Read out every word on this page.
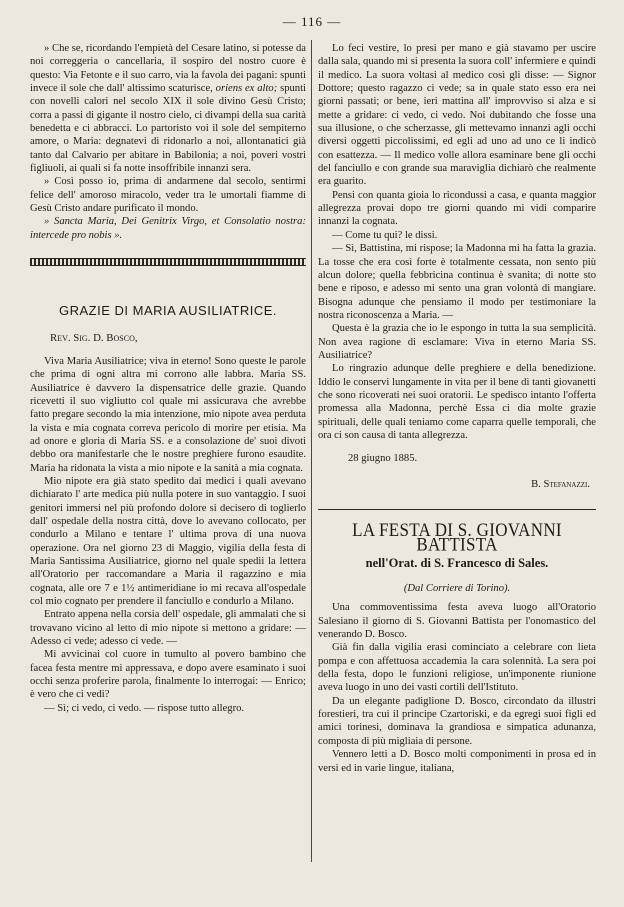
— 116 —

» Che se, ricordando l'empietà del Cesare latino, si potesse da noi correggeria o cancellaria, il sospiro del nostro cuore è questo: Via Fetonte e il suo carro, via la favola dei pagani: spunti invece il sole che dall' altissimo scaturisce, oriens ex alto; spunti con novelli calori nel secolo XIX il sole divino Gesù Cristo; corra a passi di gigante il nostro cielo, ci divampi della sua carità benedetta e ci abbracci. Lo partoristo voi il sole del sempiterno amore, o Maria: degnatevi di ridonarlo a noi, allontanatici già tanto dal Calvario per abitare in Babilonia; a noi, poveri vostri figliuoli, ai quali si fa notte insoffribile innanzi sera.

» Così posso io, prima di andarmene dal secolo, sentirmi felice dell' amoroso miracolo, veder tra le umortali fiamme di Gesù Cristo andare purificato il mondo.

» Sancta Maria, Dei Genitrix Virgo, et Consolatio nostra: intercede pro nobis ».

GRAZIE DI MARIA AUSILIATRICE.
Rev. Sig. D. Bosco,

Viva Maria Ausiliatrice; viva in eterno! Sono queste le parole che prima di ogni altra mi corrono alle labbra. Maria SS. Ausiliatrice è davvero la dispensatrice delle grazie. Quando ricevetti il suo vigliutto col quale mi assicurava che avrebbe fatto pregare secondo la mia intenzione, mio nipote avea perduta la vista e mia cognata correva pericolo di morire per etisia. Ma ad onore e gloria di Maria SS. e a consolazione de' suoi divoti debbo ora manifestarle che le nostre preghiere furono esaudite. Maria ha ridonata la vista a mio nipote e la sanità a mia cognata.

Mio nipote era già stato spedito dai medici i quali avevano dichiarato l' arte medica più nulla potere in suo vantaggio. I suoi genitori immersi nel più profondo dolore si decisero di toglierlo dall' ospedale della nostra città, dove lo avevano collocato, per condurlo a Milano e tentare l' ultima prova di una nuova operazione. Ora nel giorno 23 di Maggio, vigilia della festa di Maria Santissima Ausiliatrice, giorno nel quale spedii la lettera all'Oratorio per raccomandare a Maria il ragazzino e mia cognata, alle ore 7 e 1½ antimeridiane io mi recava all'ospedale col mio cognato per prendere il fanciullo e condurlo a Milano.

Entrato appena nella corsia dell' ospedale, gli ammalati che si trovavano vicino al letto di mio nipote si mettono a gridare: — Adesso ci vede; adesso ci vede. —

Mi avvicinai col cuore in tumulto al povero bambino che facea festa mentre mi appressava, e dopo avere esaminato i suoi occhi senza proferire parola, finalmente lo interrogai: — Enrico; è vero che ci vedi?

— Sì; ci vedo, ci vedo. — rispose tutto allegro.

Lo feci vestire, lo presi per mano e già stavamo per uscire dalla sala, quando mi si presenta la suora coll' infermiere e quindi il medico. La suora voltasi al medico così gli disse: — Signor Dottore; questo ragazzo ci vede; sa in quale stato esso era nei giorni passati; or bene, ieri mattina all' improvviso si alza e si mette a gridare: ci vedo, ci vedo. Noi dubitando che fosse una sua illusione, o che scherzasse, gli mettevamo innanzi agli occhi diversi oggetti piccolissimi, ed egli ad uno ad uno ce li indicò con esattezza. — Il medico volle allora esaminare bene gli occhi del fanciullo e con grande sua maraviglia dichiarò che realmente era guarito.

Pensi con quanta gioia lo ricondussi a casa, e quanta maggior allegrezza provai dopo tre giorni quando mi vidi comparire innanzi la cognata.

— Come tu qui? le dissi.

— Sì, Battistina, mi rispose; la Madonna mi ha fatta la grazia. La tosse che era così forte è totalmente cessata, non sento più alcun dolore; quella febbricina continua è svanita; di notte sto bene e riposo, e adesso mi sento una gran volontà di mangiare. Bisogna adunque che pensiamo il modo per testimoniare la nostra riconoscenza a Maria. —

Questa è la grazia che io le espongo in tutta la sua semplicità. Non avea ragione di esclamare: Viva in eterno Maria SS. Ausiliatrice?

Lo ringrazio adunque delle preghiere e della benedizione. Iddio le conservi lungamente in vita per il bene di tanti giovanetti che sono ricoverati nei suoi oratorii. Le spedisco intanto l'offerta promessa alla Madonna, perchè Essa ci dia molte grazie spirituali, delle quali teniamo come caparra quelle temporali, che ora ci son causa di tanta allegrezza.

28 giugno 1885.
B. Stefanazzi.
LA FESTA DI S. GIOVANNI BATTISTA
nell'Orat. di S. Francesco di Sales.
(Dal Corriere di Torino).

Una commoventissima festa aveva luogo all'Oratorio Salesiano il giorno di S. Giovanni Battista per l'onomastico del venerando D. Bosco.

Già fin dalla vigilia erasi cominciato a celebrare con lieta pompa e con affettuosa accademia la cara solennità. La sera poi della festa, dopo le funzioni religiose, un'imponente riunione aveva luogo in uno dei vasti cortili dell'Istituto.

Da un elegante padiglione D. Bosco, circondato da illustri forestieri, tra cui il principe Czartoriski, e da egregi suoi figli ed amici torinesi, dominava la grandiosa e simpatica adunanza, composta di più migliaia di persone.

Vennero letti a D. Bosco molti componimenti in prosa ed in versi ed in varie lingue, italiana,
